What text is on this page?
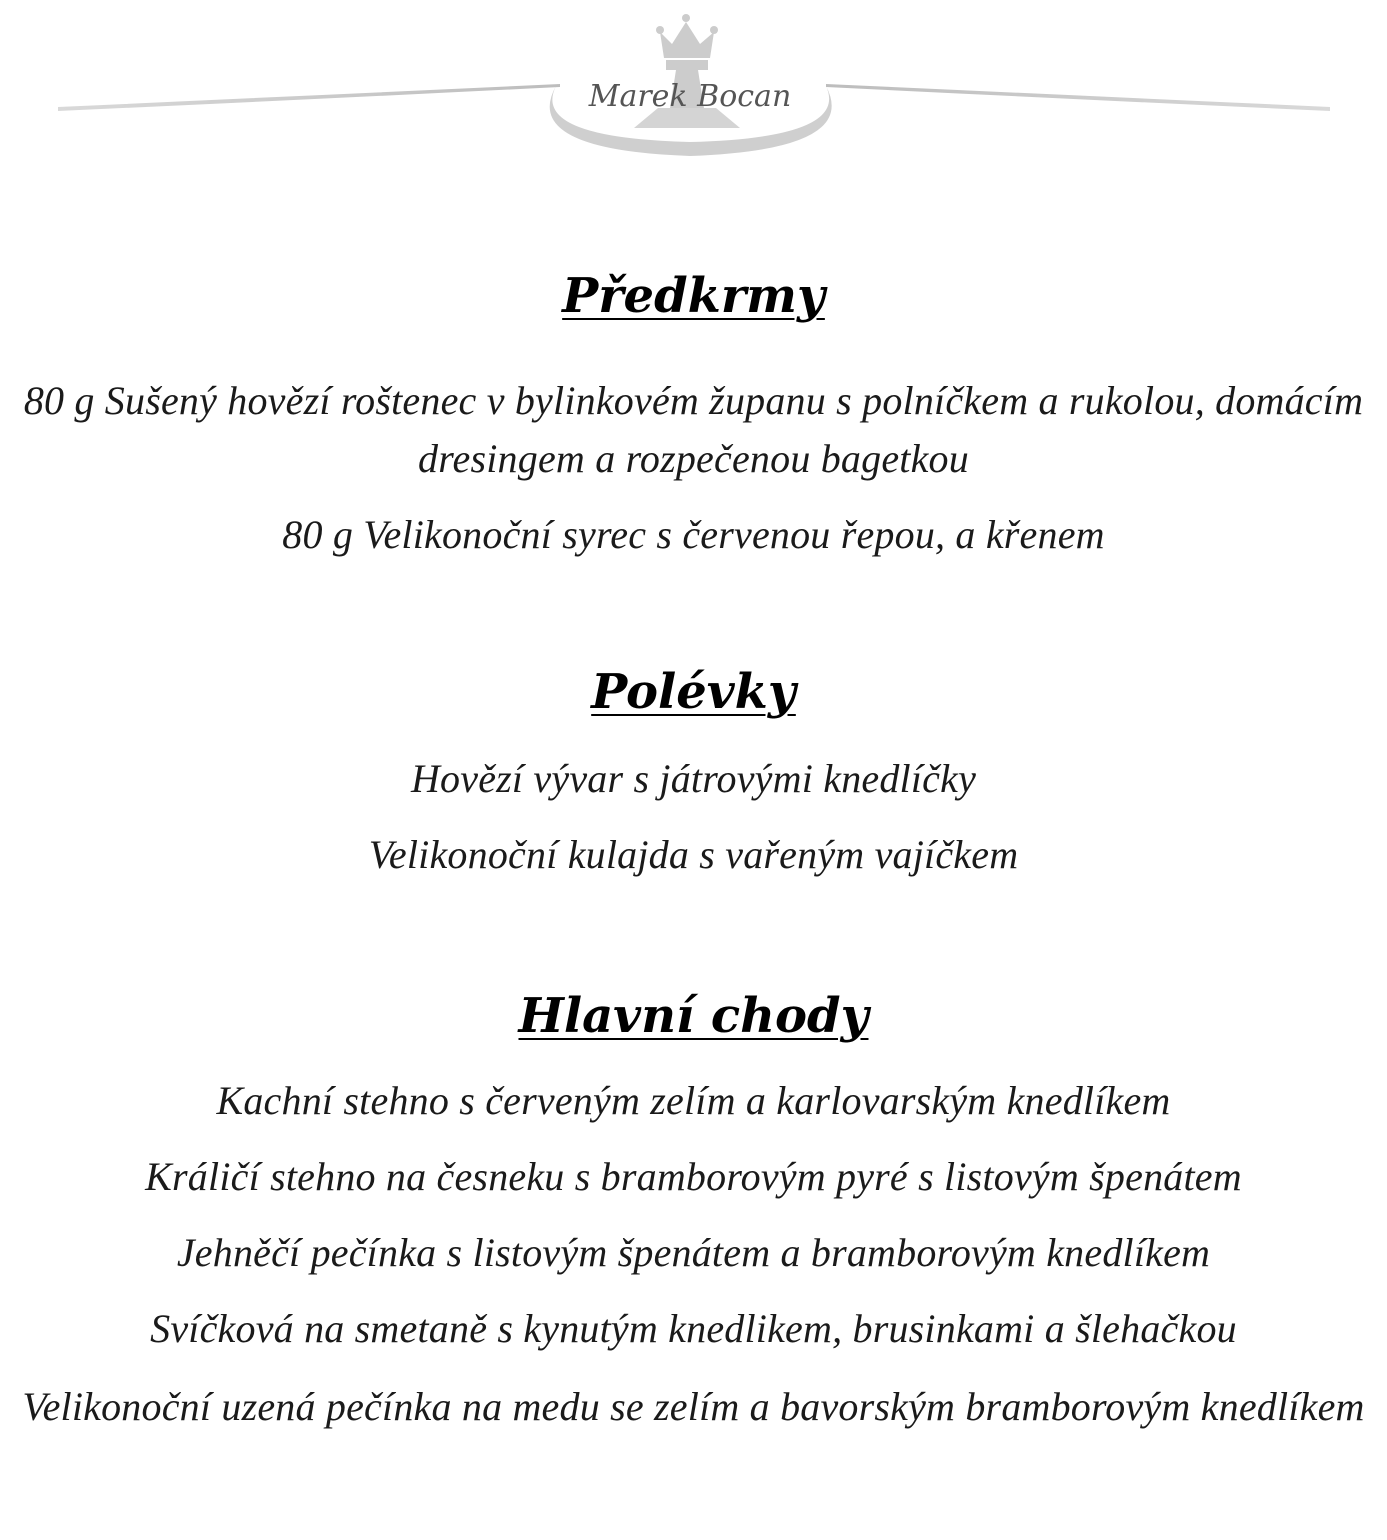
Marek Bocan
Předkrmy
80 g Sušený hovězí roštenec v bylinkovém županu s polníčkem a rukolou, domácím dresingem a rozpečenou bagetkou
80 g Velikonoční syrec s červenou řepou, a křenem
Polévky
Hovězí vývar s játrovými knedlíčky
Velikonoční kulajda s vařeným vajíčkem
Hlavní chody
Kachní stehno s červeným zelím a karlovarským knedlíkem
Králičí stehno na česneku s bramborovým pyré s listovým špenátem
Jehněčí pečínka s listovým špenátem a bramborovým knedlíkem
Svíčková na smetaně s kynutým knedlikem, brusinkami a šlehačkou
Velikonoční uzená pečínka na medu se zelím a bavorským bramborovým knedlíkem
